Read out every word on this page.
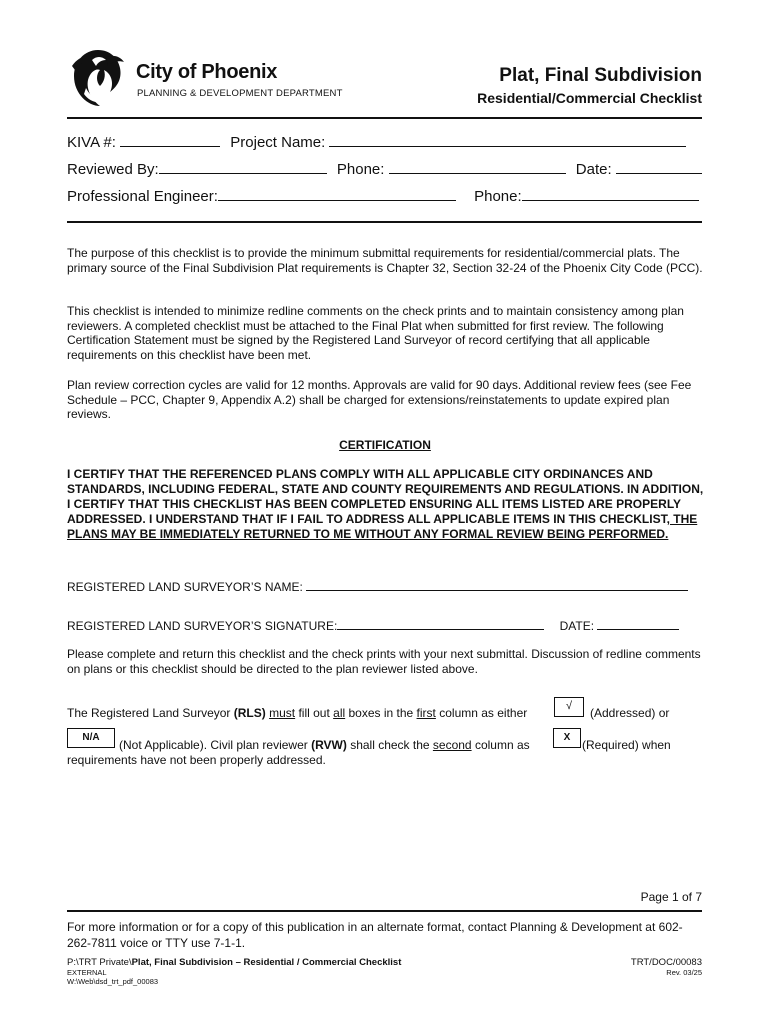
City of Phoenix
PLANNING & DEVELOPMENT DEPARTMENT
Plat, Final Subdivision
Residential/Commercial Checklist
KIVA #:	Project Name:
Reviewed By:	Phone:	Date:
Professional Engineer:	Phone:
The purpose of this checklist is to provide the minimum submittal requirements for residential/commercial plats. The primary source of the Final Subdivision Plat requirements is Chapter 32, Section 32-24 of the Phoenix City Code (PCC).
This checklist is intended to minimize redline comments on the check prints and to maintain consistency among plan reviewers. A completed checklist must be attached to the Final Plat when submitted for first review. The following Certification Statement must be signed by the Registered Land Surveyor of record certifying that all applicable requirements on this checklist have been met.
Plan review correction cycles are valid for 12 months. Approvals are valid for 90 days. Additional review fees (see Fee Schedule – PCC, Chapter 9, Appendix A.2) shall be charged for extensions/reinstatements to update expired plan reviews.
CERTIFICATION
I CERTIFY THAT THE REFERENCED PLANS COMPLY WITH ALL APPLICABLE CITY ORDINANCES AND STANDARDS, INCLUDING FEDERAL, STATE AND COUNTY REQUIREMENTS AND REGULATIONS. IN ADDITION, I CERTIFY THAT THIS CHECKLIST HAS BEEN COMPLETED ENSURING ALL ITEMS LISTED ARE PROPERLY ADDRESSED. I UNDERSTAND THAT IF I FAIL TO ADDRESS ALL APPLICABLE ITEMS IN THIS CHECKLIST, THE PLANS MAY BE IMMEDIATELY RETURNED TO ME WITHOUT ANY FORMAL REVIEW BEING PERFORMED.
REGISTERED LAND SURVEYOR’S NAME:
REGISTERED LAND SURVEYOR’S SIGNATURE:	DATE:
Please complete and return this checklist and the check prints with your next submittal. Discussion of redline comments on plans or this checklist should be directed to the plan reviewer listed above.
The Registered Land Surveyor (RLS) must fill out all boxes in the first column as either	√	(Addressed) or
N/A
(Not Applicable). Civil plan reviewer (RVW) shall check the second column as
X
(Required) when
requirements have not been properly addressed.
Page 1 of 7
For more information or for a copy of this publication in an alternate format, contact Planning & Development at 602-262-7811 voice or TTY use 7-1-1.
P:\TRT Private\Plat, Final Subdivision – Residential / Commercial Checklist
EXTERNAL
W:\Web\dsd_trt_pdf_00083
TRT/DOC/00083
Rev. 03/25
